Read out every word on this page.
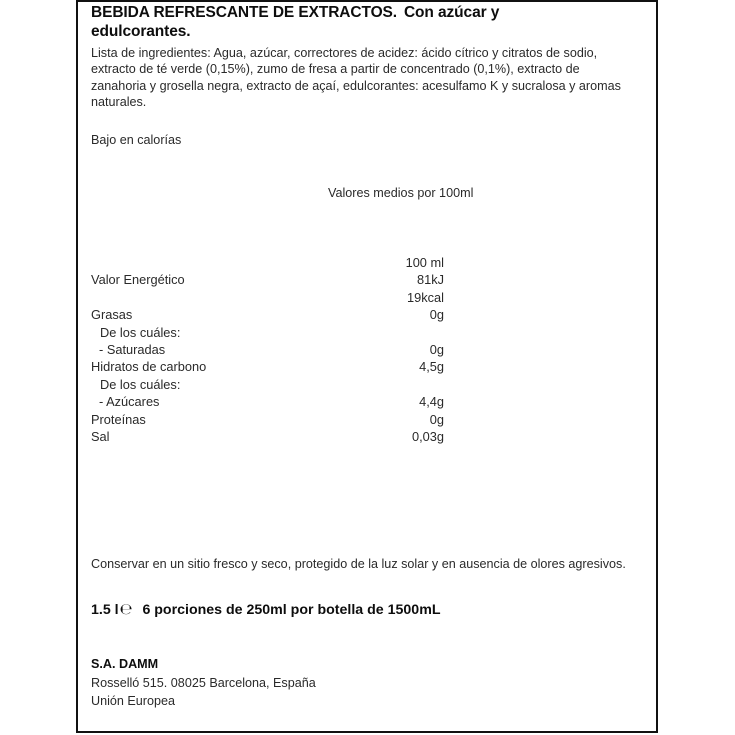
BEBIDA REFRESCANTE DE EXTRACTOS. Con azúcar y
edulcorantes.

Lista de ingredientes: Agua, azúcar, correctores de acidez: ácido cítrico y citratos de sodio, extracto de té verde (0,15%), zumo de fresa a partir de concentrado (0,1%), extracto de zanahoria y grosella negra, extracto de açaí, edulcorantes: acesulfamo K y sucralosa y aromas naturales.

Bajo en calorías

Valores medios por 100ml
100 ml
Valor Energético	81kJ
19kcal
Grasas	0g
De los cuáles:
- Saturadas	0g
Hidratos de carbono	4,5g
De los cuáles:
- Azúcares	4,4g
Proteínas	0g
Sal	0,03g

Conservar en un sitio fresco y seco, protegido de la luz solar y en ausencia de olores agresivos.

1.5 l℮ 6 porciones de 250ml por botella de 1500mL
S.A. DAMM
Rosselló 515. 08025 Barcelona, España
Unión Europea
